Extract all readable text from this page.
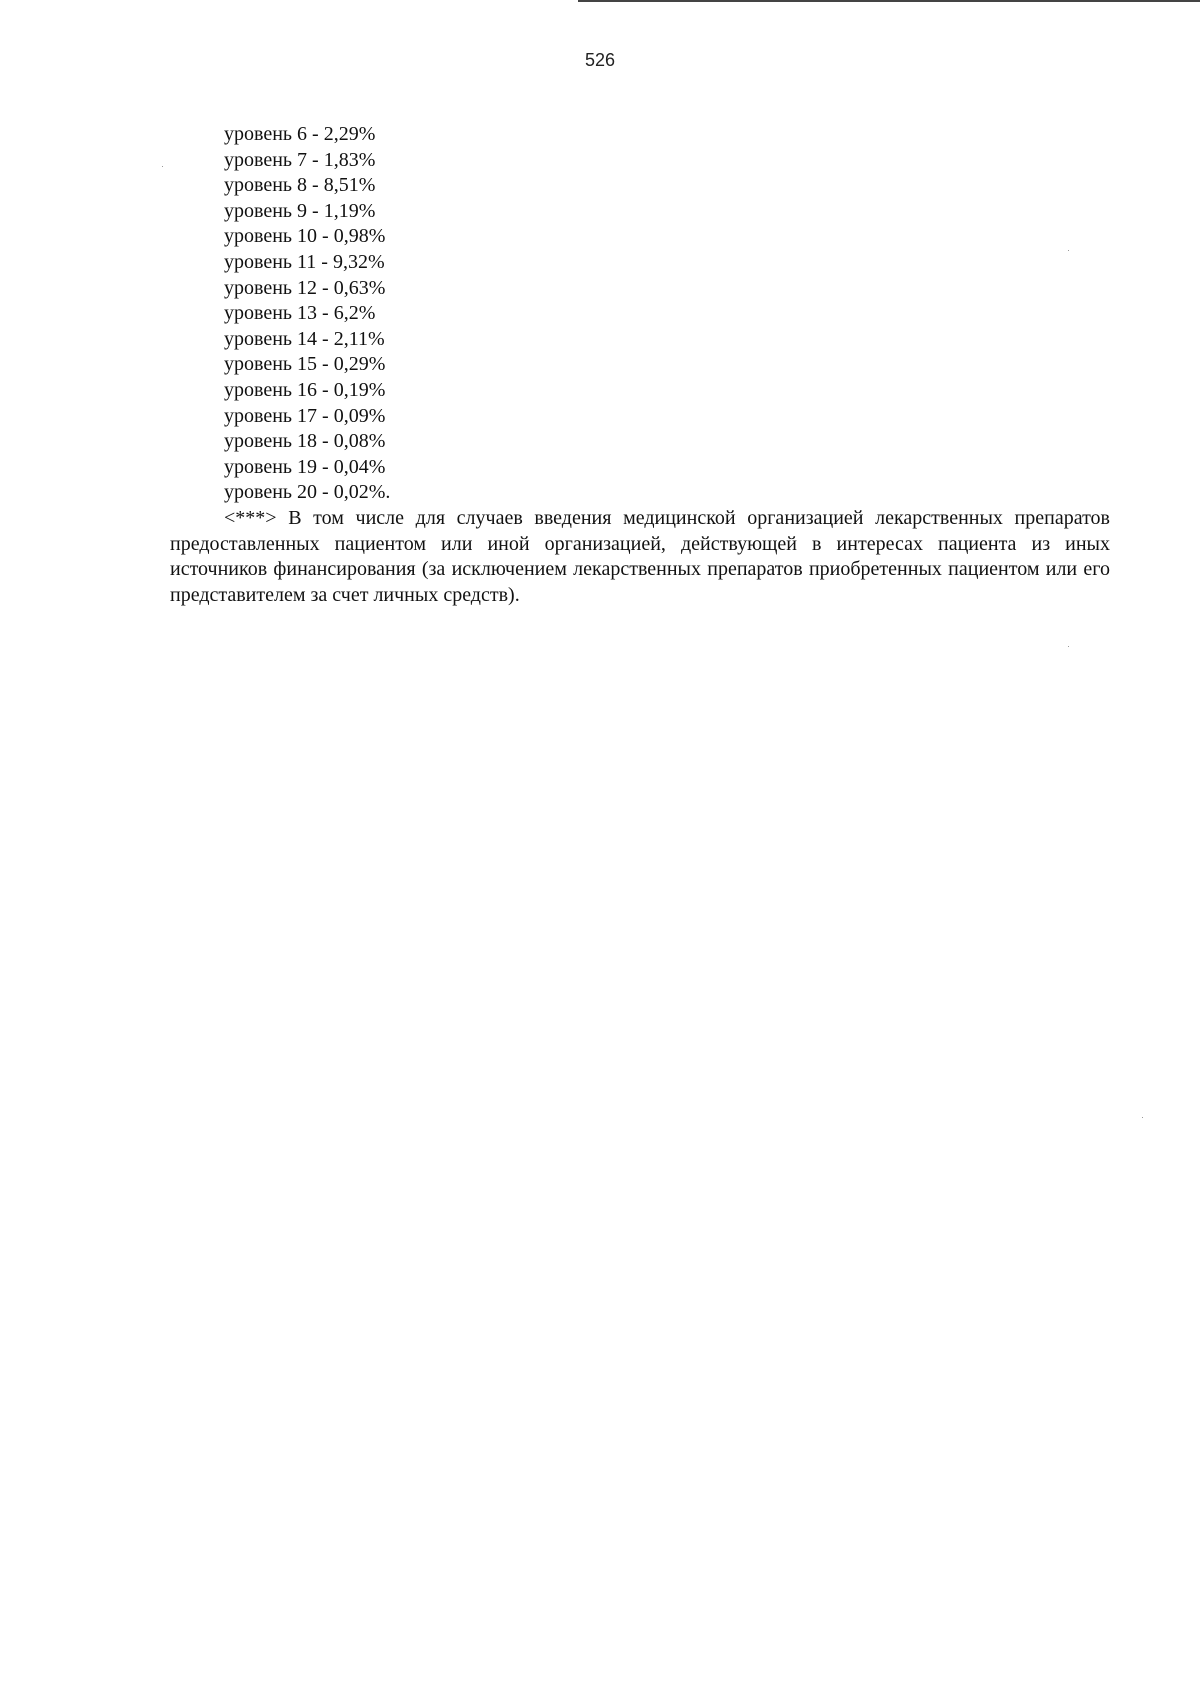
526
уровень 6 - 2,29%
уровень 7 - 1,83%
уровень 8 - 8,51%
уровень 9 - 1,19%
уровень 10 - 0,98%
уровень 11 - 9,32%
уровень 12 - 0,63%
уровень 13 - 6,2%
уровень 14 - 2,11%
уровень 15 - 0,29%
уровень 16 - 0,19%
уровень 17 - 0,09%
уровень 18 - 0,08%
уровень 19 - 0,04%
уровень 20 - 0,02%.

<***> В том числе для случаев введения медицинской организацией лекарственных препаратов предоставленных пациентом или иной организацией, действующей в интересах пациента из иных источников финансирования (за исключением лекарственных препаратов приобретенных пациентом или его представителем за счет личных средств).
